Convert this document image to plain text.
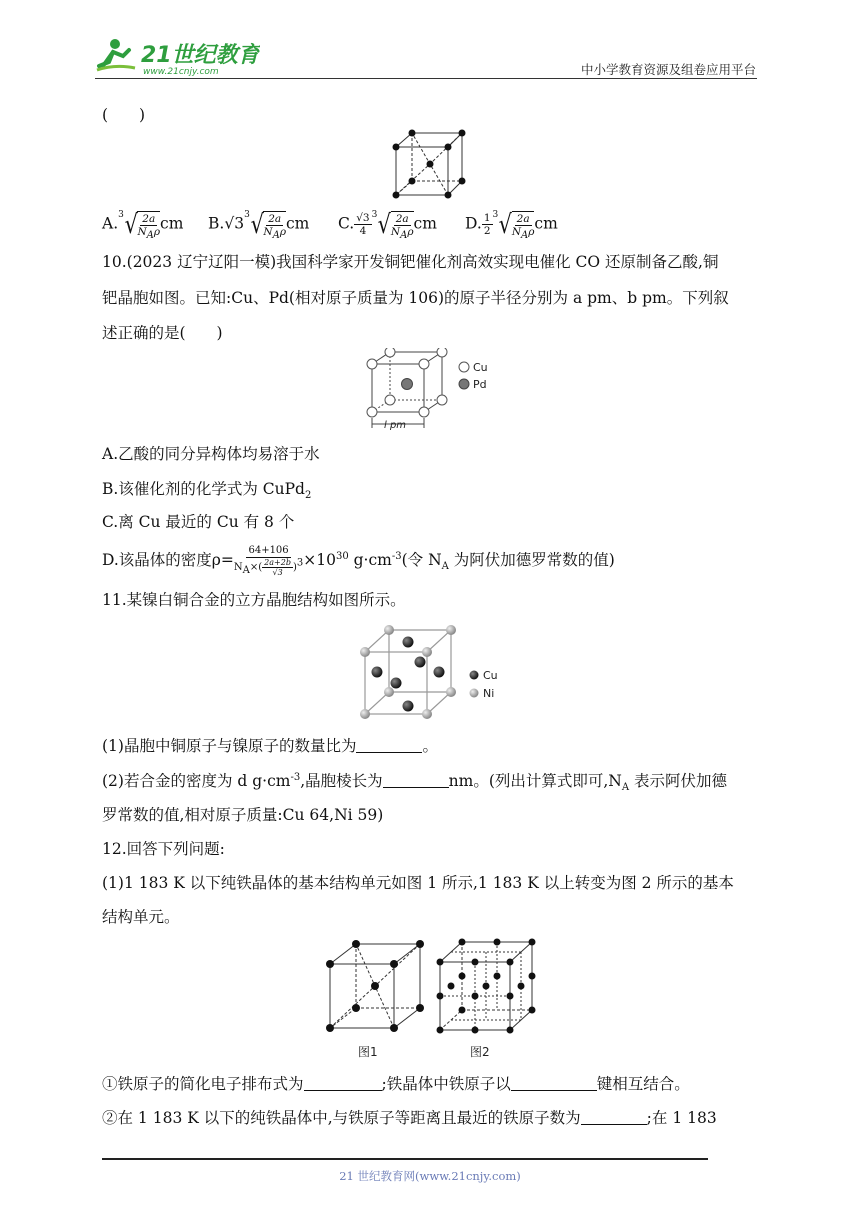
21世纪教育
www.21cnjy.com	中小学教育资源及组卷应用平台
(　　)
A. 3 √ $\frac{2a}{N_A\rho}$ cm B.√3 3 √ $\frac{2a}{N_A\rho}$ cm C. $\frac{√3}{4} 3$ √ $\frac{2a}{N_A\rho}$ cm D. $\frac{1}{2} 3$ √ $\frac{2a}{N_A\rho}$ cm
10.(2023 辽宁辽阳一模)我国科学家开发铜钯催化剂高效实现电催化 CO 还原制备乙酸,铜
钯晶胞如图。已知:Cu、Pd(相对原子质量为 106)的原子半径分别为 a pm、b pm。下列叙
述正确的是(　　)
l pm
Cu
Pd
A.乙酸的同分异构体均易溶于水
B.该催化剂的化学式为 CuPd$_2$
C.离 Cu 最近的 Cu 有 8 个
D.该晶体的密度$\rho= \frac{64+106}{N_A\times( \frac{2a+2b}{√3} )^3} \times 10^{30}$ $g\cdot cm^{-3}$(令 $N_A$ 为阿伏加德罗常数的值)
11.某镍白铜合金的立方晶胞结构如图所示。
Cu
Ni
(1)晶胞中铜原子与镍原子的数量比为	。
(2)若合金的密度为 d $g\cdot cm^{-3}$,晶胞棱长为	nm。(列出计算式即可$,N_A$ 表示阿伏加德
罗常数的值,相对原子质量:Cu 64,Ni 59)
12.回答下列问题:
(1)1 183 K 以下纯铁晶体的基本结构单元如图 1 所示,1 183 K 以上转变为图 2 所示的基本
结构单元。
图1	图2
①铁原子的简化电子排布式为	;铁晶体中铁原子以	键相互结合。
②在 1 183 K 以下的纯铁晶体中,与铁原子等距离且最近的铁原子数为	;在 1 183
21 世纪教育网(www.21cnjy.com)
